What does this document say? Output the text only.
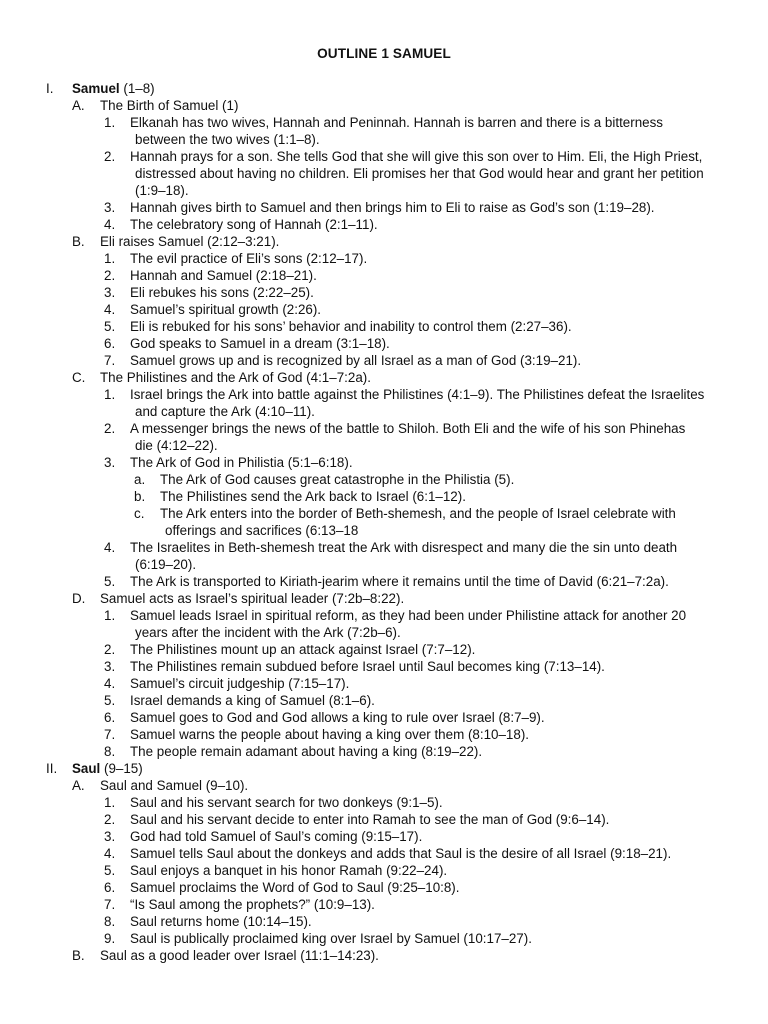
OUTLINE 1 SAMUEL
I. Samuel (1–8)
A. The Birth of Samuel (1)
1. Elkanah has two wives, Hannah and Peninnah. Hannah is barren and there is a bitterness
between the two wives (1:1–8).
2. Hannah prays for a son. She tells God that she will give this son over to Him. Eli, the High Priest,
distressed about having no children. Eli promises her that God would hear and grant her petition
(1:9–18).
3. Hannah gives birth to Samuel and then brings him to Eli to raise as God’s son (1:19–28).
4. The celebratory song of Hannah (2:1–11).
B. Eli raises Samuel (2:12–3:21).
1. The evil practice of Eli’s sons (2:12–17).
2. Hannah and Samuel (2:18–21).
3. Eli rebukes his sons (2:22–25).
4. Samuel’s spiritual growth (2:26).
5. Eli is rebuked for his sons’ behavior and inability to control them (2:27–36).
6. God speaks to Samuel in a dream (3:1–18).
7. Samuel grows up and is recognized by all Israel as a man of God (3:19–21).
C. The Philistines and the Ark of God (4:1–7:2a).
1. Israel brings the Ark into battle against the Philistines (4:1–9). The Philistines defeat the Israelites
and capture the Ark (4:10–11).
2. A messenger brings the news of the battle to Shiloh. Both Eli and the wife of his son Phinehas
die (4:12–22).
3. The Ark of God in Philistia (5:1–6:18).
a. The Ark of God causes great catastrophe in the Philistia (5).
b. The Philistines send the Ark back to Israel (6:1–12).
c. The Ark enters into the border of Beth-shemesh, and the people of Israel celebrate with
offerings and sacrifices (6:13–18
4. The Israelites in Beth-shemesh treat the Ark with disrespect and many die the sin unto death
(6:19–20).
5. The Ark is transported to Kiriath-jearim where it remains until the time of David (6:21–7:2a).
D. Samuel acts as Israel’s spiritual leader (7:2b–8:22).
1. Samuel leads Israel in spiritual reform, as they had been under Philistine attack for another 20
years after the incident with the Ark (7:2b–6).
2. The Philistines mount up an attack against Israel (7:7–12).
3. The Philistines remain subdued before Israel until Saul becomes king (7:13–14).
4. Samuel’s circuit judgeship (7:15–17).
5. Israel demands a king of Samuel (8:1–6).
6. Samuel goes to God and God allows a king to rule over Israel (8:7–9).
7. Samuel warns the people about having a king over them (8:10–18).
8. The people remain adamant about having a king (8:19–22).
II. Saul (9–15)
A. Saul and Samuel (9–10).
1. Saul and his servant search for two donkeys (9:1–5).
2. Saul and his servant decide to enter into Ramah to see the man of God (9:6–14).
3. God had told Samuel of Saul’s coming (9:15–17).
4. Samuel tells Saul about the donkeys and adds that Saul is the desire of all Israel (9:18–21).
5. Saul enjoys a banquet in his honor Ramah (9:22–24).
6. Samuel proclaims the Word of God to Saul (9:25–10:8).
7. “Is Saul among the prophets?” (10:9–13).
8. Saul returns home (10:14–15).
9. Saul is publically proclaimed king over Israel by Samuel (10:17–27).
B. Saul as a good leader over Israel (11:1–14:23).
